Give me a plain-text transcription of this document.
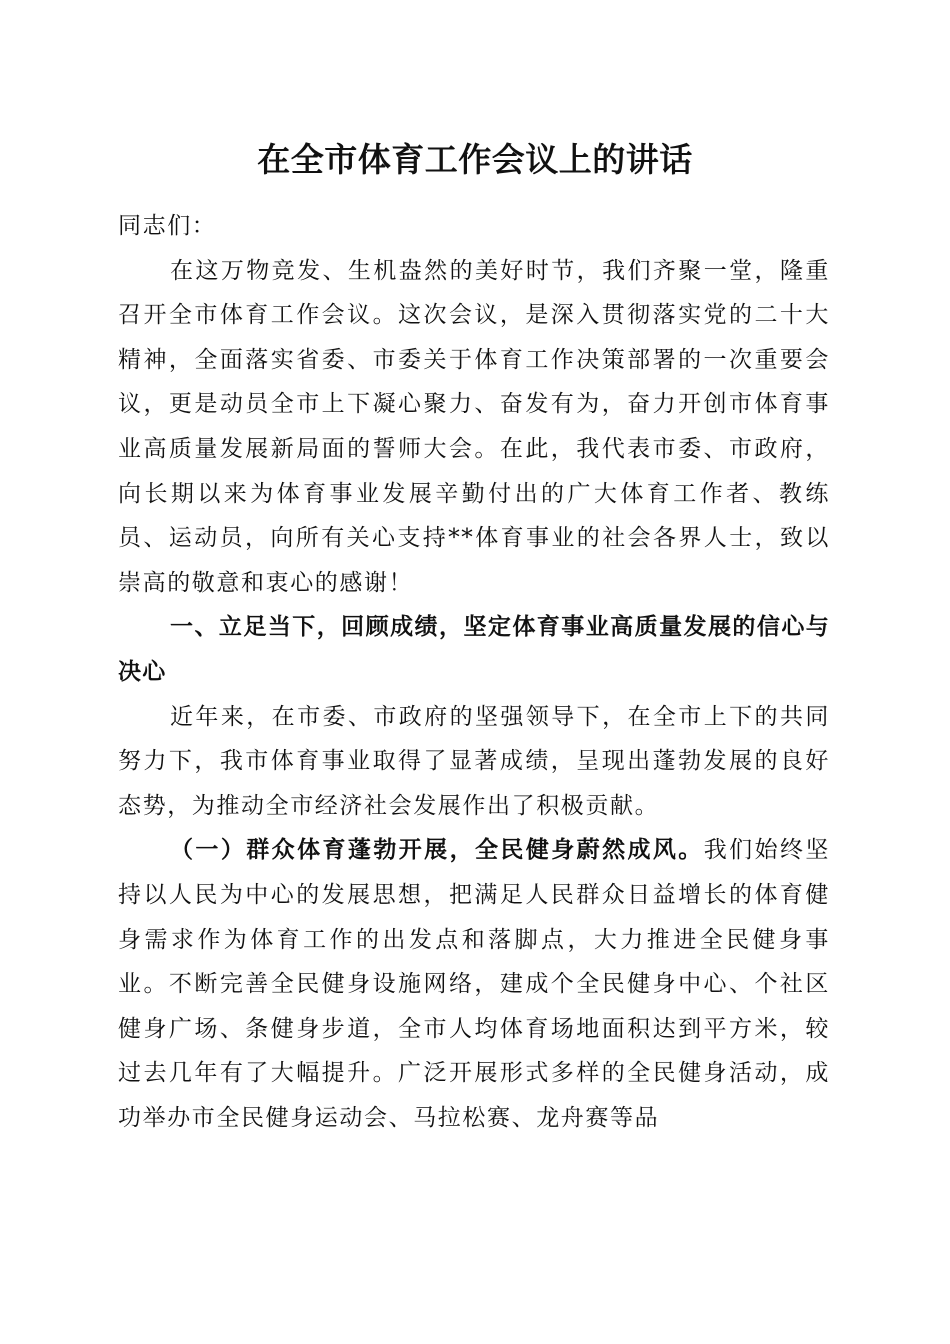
在全市体育工作会议上的讲话

同志们：

在这万物竞发、生机盎然的美好时节，我们齐聚一堂，隆重召开全市体育工作会议。这次会议，是深入贯彻落实党的二十大精神，全面落实省委、市委关于体育工作决策部署的一次重要会议，更是动员全市上下凝心聚力、奋发有为，奋力开创市体育事业高质量发展新局面的誓师大会。在此，我代表市委、市政府，向长期以来为体育事业发展辛勤付出的广大体育工作者、教练员、运动员，向所有关心支持**体育事业的社会各界人士，致以崇高的敬意和衷心的感谢！

一、立足当下，回顾成绩，坚定体育事业高质量发展的信心与决心

近年来，在市委、市政府的坚强领导下，在全市上下的共同努力下，我市体育事业取得了显著成绩，呈现出蓬勃发展的良好态势，为推动全市经济社会发展作出了积极贡献。

（一）群众体育蓬勃开展，全民健身蔚然成风。我们始终坚持以人民为中心的发展思想，把满足人民群众日益增长的体育健身需求作为体育工作的出发点和落脚点，大力推进全民健身事业。不断完善全民健身设施网络，建成个全民健身中心、个社区健身广场、条健身步道，全市人均体育场地面积达到平方米，较过去几年有了大幅提升。广泛开展形式多样的全民健身活动，成功举办市全民健身运动会、马拉松赛、龙舟赛等品
